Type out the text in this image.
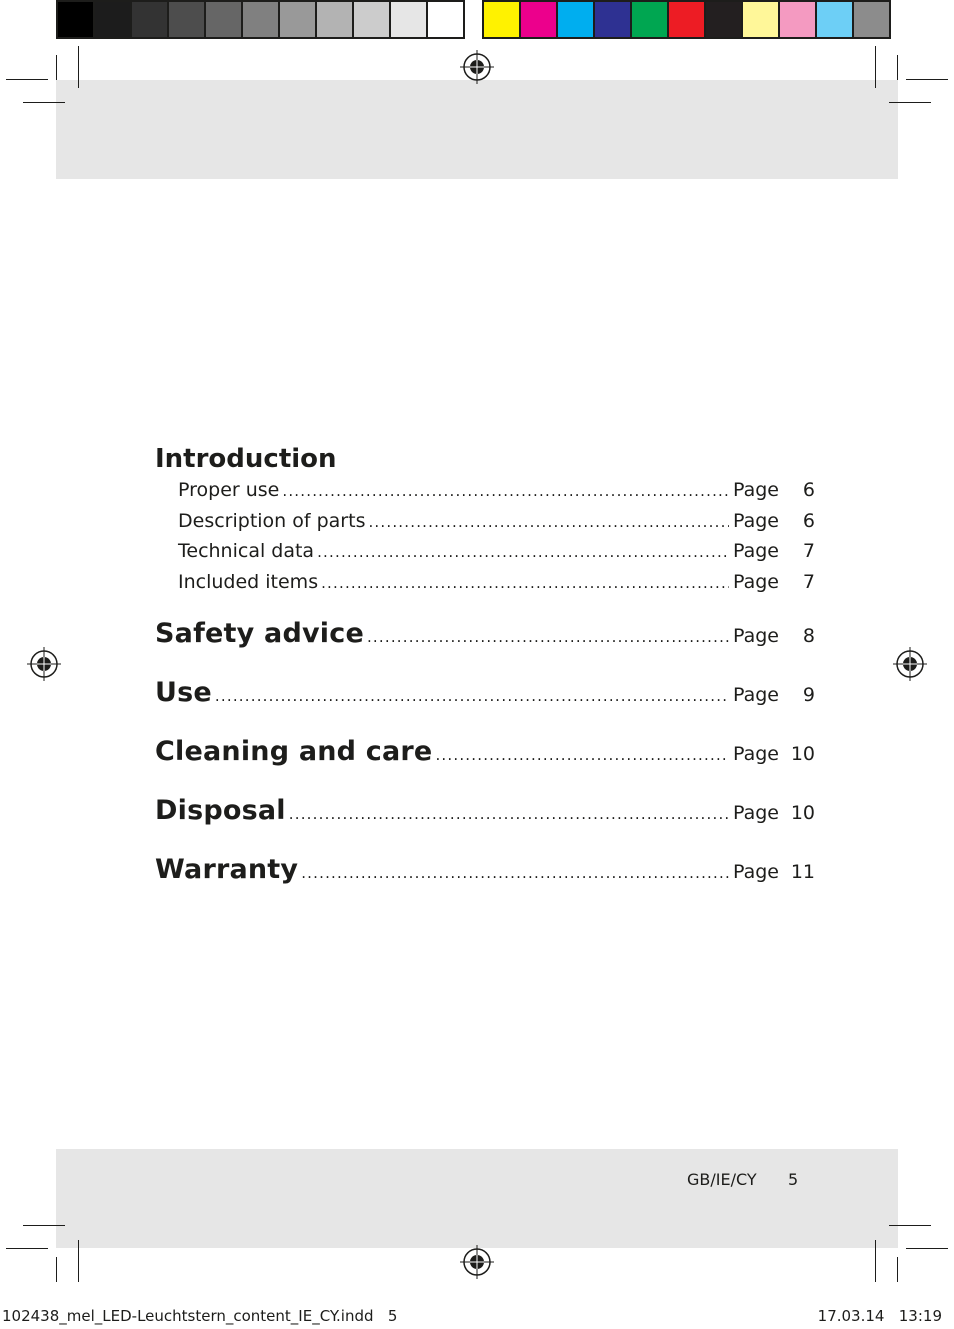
Introduction
Proper use .....	Page	6
Description of parts .....	Page	6
Technical data .....	Page	7
Included items .....	Page	7
Safety advice .....	Page	8
Use .....	Page	9
Cleaning and care .....	Page 10
Disposal .....	Page 10
Warranty .....	Page 11
GB/IE/CY 5
102438_mel_LED-Leuchtstern_content_IE_CY.indd   5	17.03.14   13:19
